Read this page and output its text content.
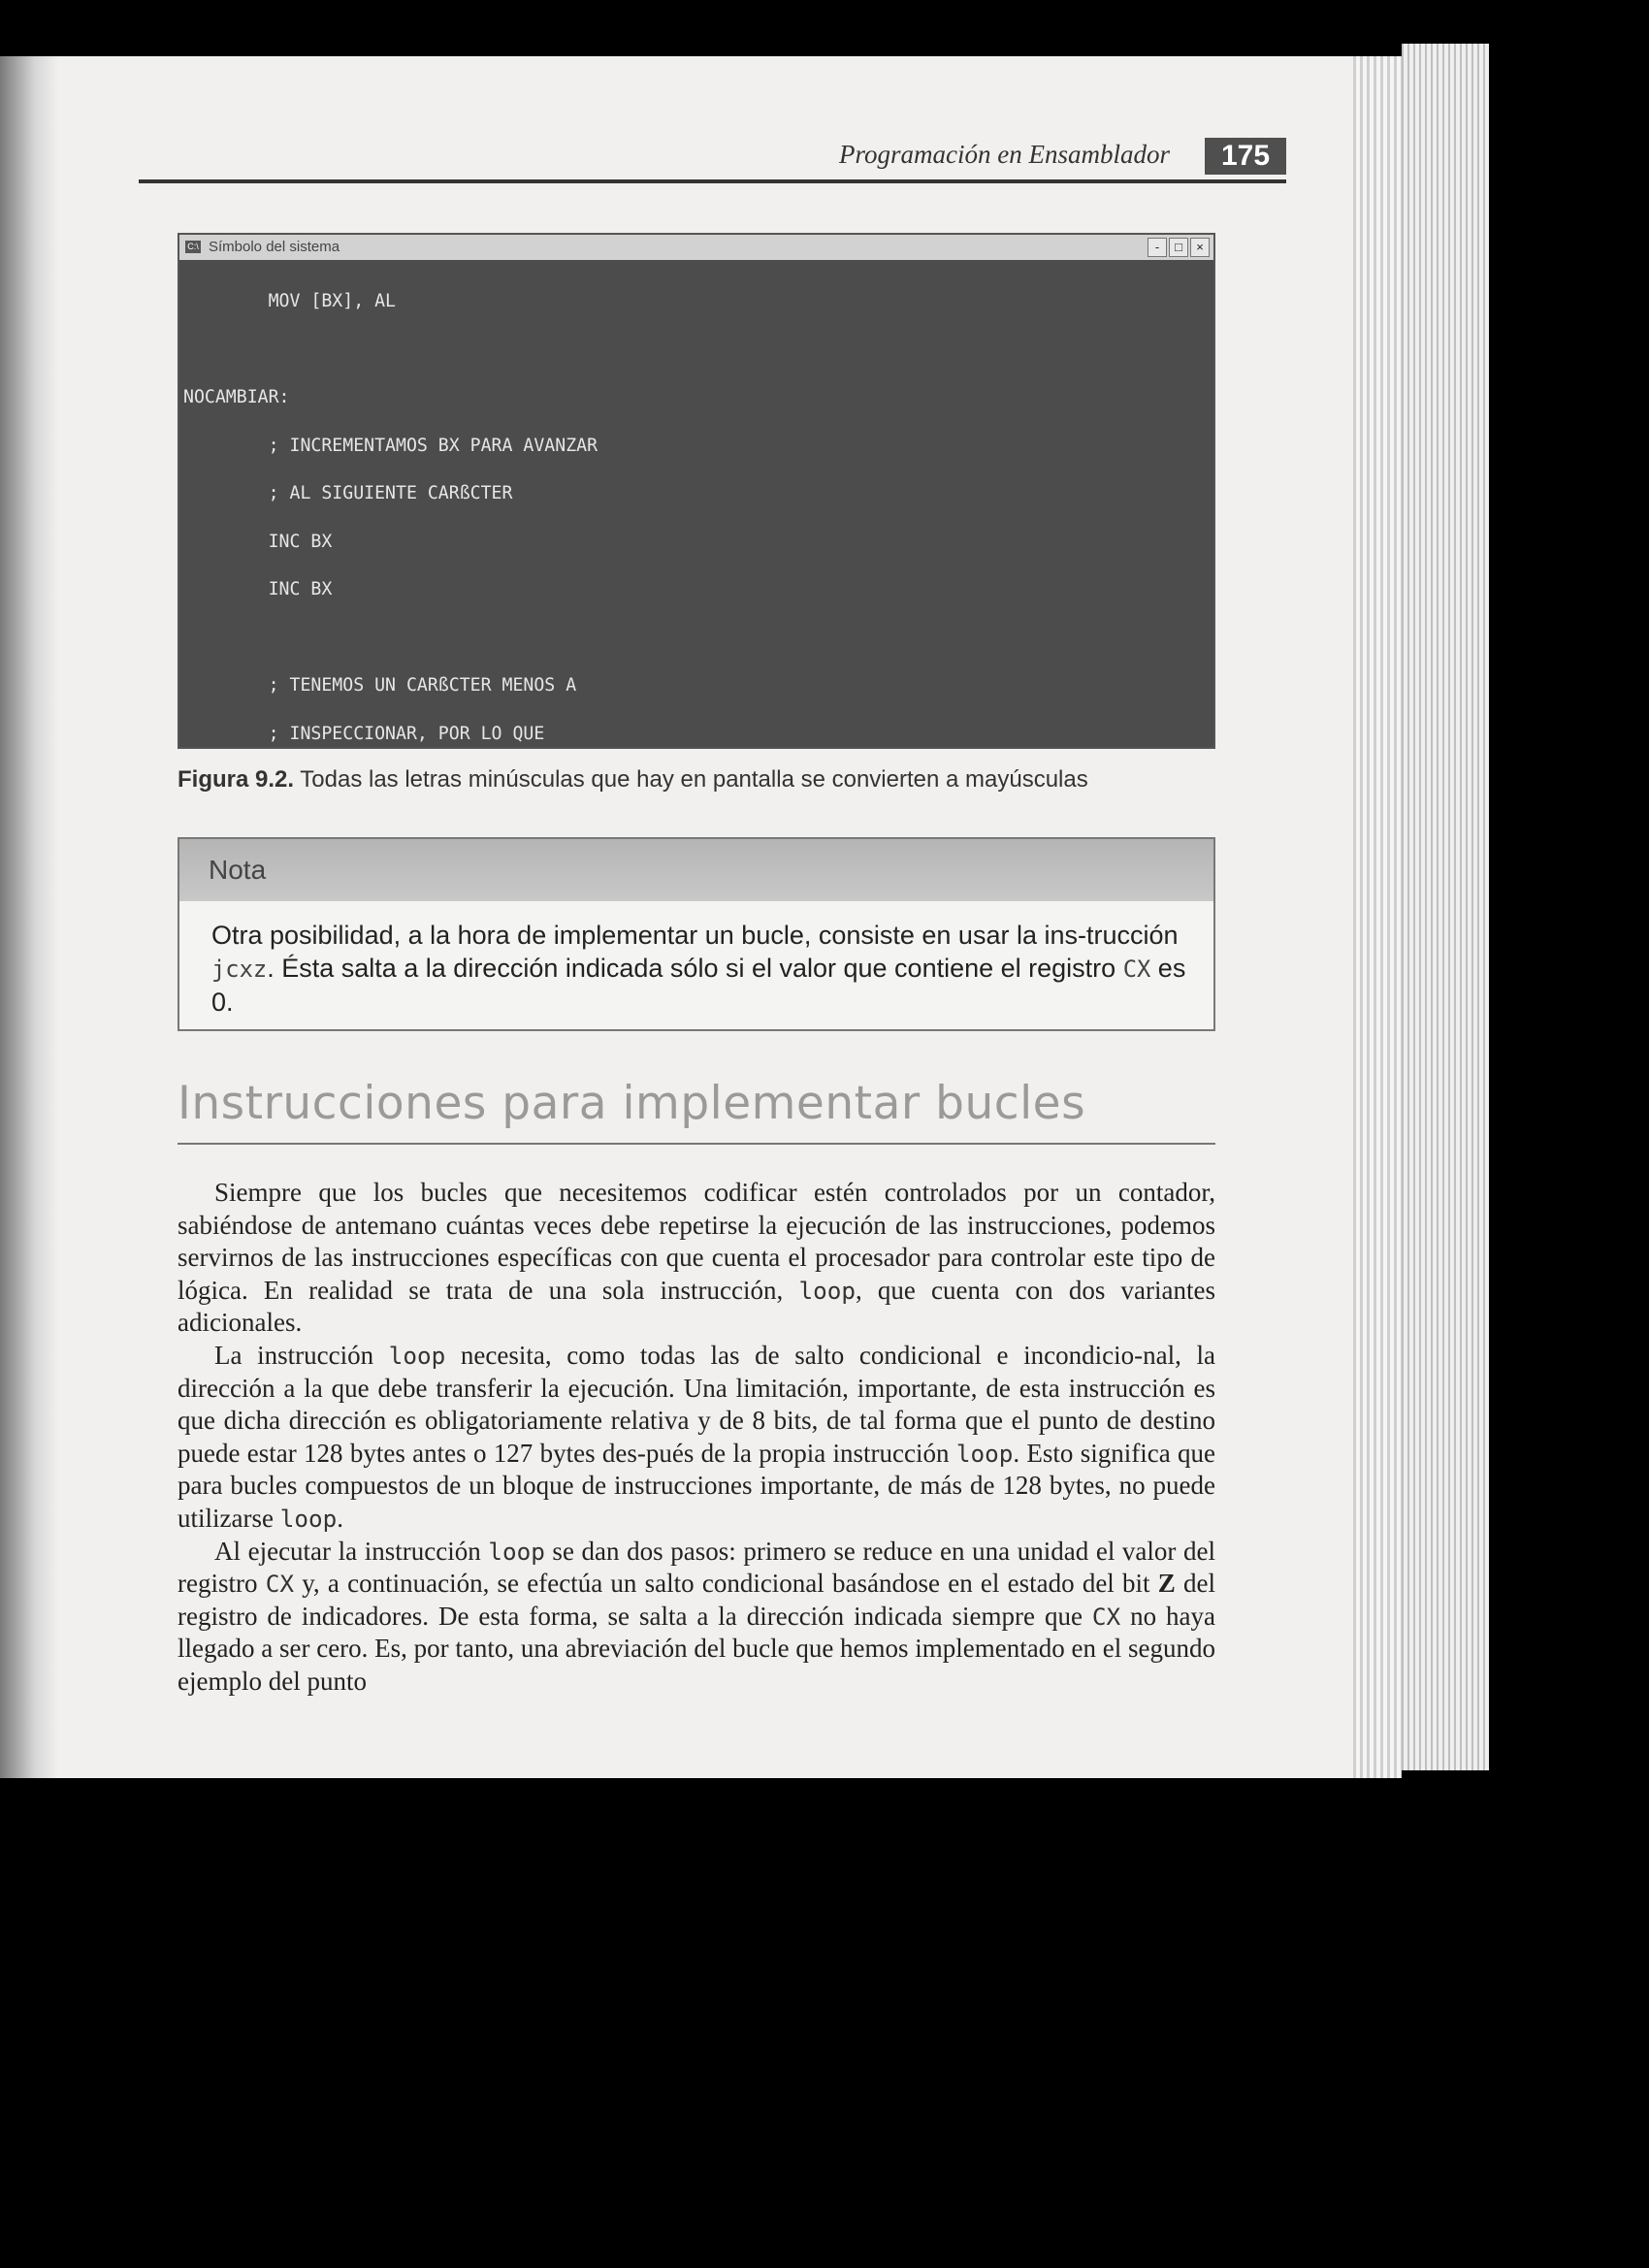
Programación en Ensamblador	175
C:\ Símbolo del sistema	-	□	×

MOV [BX], AL

NOCAMBIAR:

; INCREMENTAMOS BX PARA AVANZAR

; AL SIGUIENTE CARßCTER

INC BX

INC BX

; TENEMOS UN CARßCTER MENOS A

; INSPECCIONAR, POR LO QUE

Figura 9.2. Todas las letras minúsculas que hay en pantalla se convierten a mayúsculas
Nota
Otra posibilidad, a la hora de implementar un bucle, consiste en usar la ins-trucción jcxz. Ésta salta a la dirección indicada sólo si el valor que contiene el registro CX es 0.
Instrucciones para implementar bucles

Siempre que los bucles que necesitemos codificar estén controlados por un contador, sabiéndose de antemano cuántas veces debe repetirse la ejecución de las instrucciones, podemos servirnos de las instrucciones específicas con que cuenta el procesador para controlar este tipo de lógica. En realidad se trata de una sola instrucción, loop, que cuenta con dos variantes adicionales.

La instrucción loop necesita, como todas las de salto condicional e incondicio-nal, la dirección a la que debe transferir la ejecución. Una limitación, importante, de esta instrucción es que dicha dirección es obligatoriamente relativa y de 8 bits, de tal forma que el punto de destino puede estar 128 bytes antes o 127 bytes des-pués de la propia instrucción loop. Esto significa que para bucles compuestos de un bloque de instrucciones importante, de más de 128 bytes, no puede utilizarse loop.

Al ejecutar la instrucción loop se dan dos pasos: primero se reduce en una unidad el valor del registro CX y, a continuación, se efectúa un salto condicional basándose en el estado del bit Z del registro de indicadores. De esta forma, se salta a la dirección indicada siempre que CX no haya llegado a ser cero. Es, por tanto, una abreviación del bucle que hemos implementado en el segundo ejemplo del punto
